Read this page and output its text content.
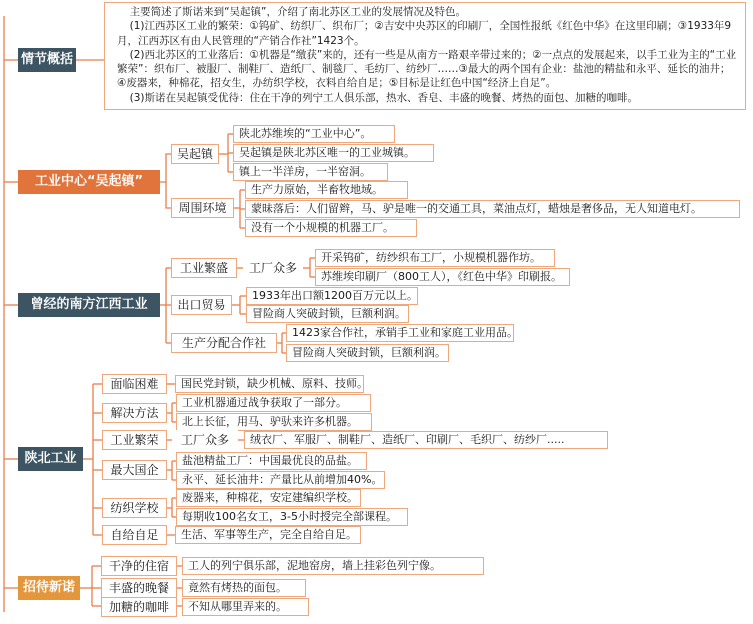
情节概括
工业中心“吴起镇”
曾经的南方江西工业
陕北工业
招待新诺

主要简述了斯诺来到“吴起镇”，介绍了南北苏区工业的发展情况及特色。

(1)江西苏区工业的繁荣：①钨矿、纺织厂、织布厂；②吉安中央苏区的印刷厂，全国性报纸《红色中华》在这里印刷；③1933年9月，江西苏区有由人民管理的“产销合作社”1423个。

(2)西北苏区的工业落后：①机器是“缴获”来的，还有一些是从南方一路艰辛带过来的；②一点点的发展起来，以手工业为主的“工业繁荣”：织布厂、被服厂、制鞋厂、造纸厂、制毯厂、毛纺厂、纺纱厂……③最大的两个国有企业：盐池的精盐和永平、延长的油井；④废器来，种棉花，招女生，办纺织学校，衣料自给自足；⑤目标是让红色中国“经济上自足”。

(3)斯诺在吴起镇受优待：住在干净的列宁工人俱乐部，热水、香皂、丰盛的晚餐、烤热的面包、加糖的咖啡。

吴起镇
周围环境
陕北苏维埃的“工业中心”。
吴起镇是陕北苏区唯一的工业城镇。
镇上一半洋房，一半窑洞。
生产力原始，半畜牧地域。
蒙昧落后：人们留辫，马、驴是唯一的交通工具，菜油点灯，蜡烛是奢侈品，无人知道电灯。
没有一个小规模的机器工厂。
工业繁盛	工厂众多
开采钨矿，纺纱织布工厂，小规模机器作坊。
苏维埃印刷厂（800工人），《红色中华》印刷报。
出口贸易
1933年出口额1200百万元以上。
冒险商人突破封锁，巨额利润。
生产分配合作社
1423家合作社，承销手工业和家庭工业用品。
冒险商人突破封锁，巨额利润。
面临困难	国民党封锁，缺少机械、原料、技师。
解决方法
工业机器通过战争获取了一部分。
北上长征，用马、驴驮来许多机器。
工业繁荣	工厂众多	绒衣厂、军服厂、制鞋厂、造纸厂、印刷厂、毛织厂、纺纱厂.....
最大国企
盐池精盐工厂：中国最优良的品盐。
永平、延长油井：产量比从前增加40%。
纺织学校
废器来，种棉花，安定建编织学校。
每期收100名女工，3-5小时授完全部课程。
自给自足	生活、军事等生产，完全自给自足。
干净的住宿	工人的列宁俱乐部，泥地窑房，墙上挂彩色列宁像。
丰盛的晚餐	竟然有烤热的面包。
加糖的咖啡	不知从哪里弄来的。
